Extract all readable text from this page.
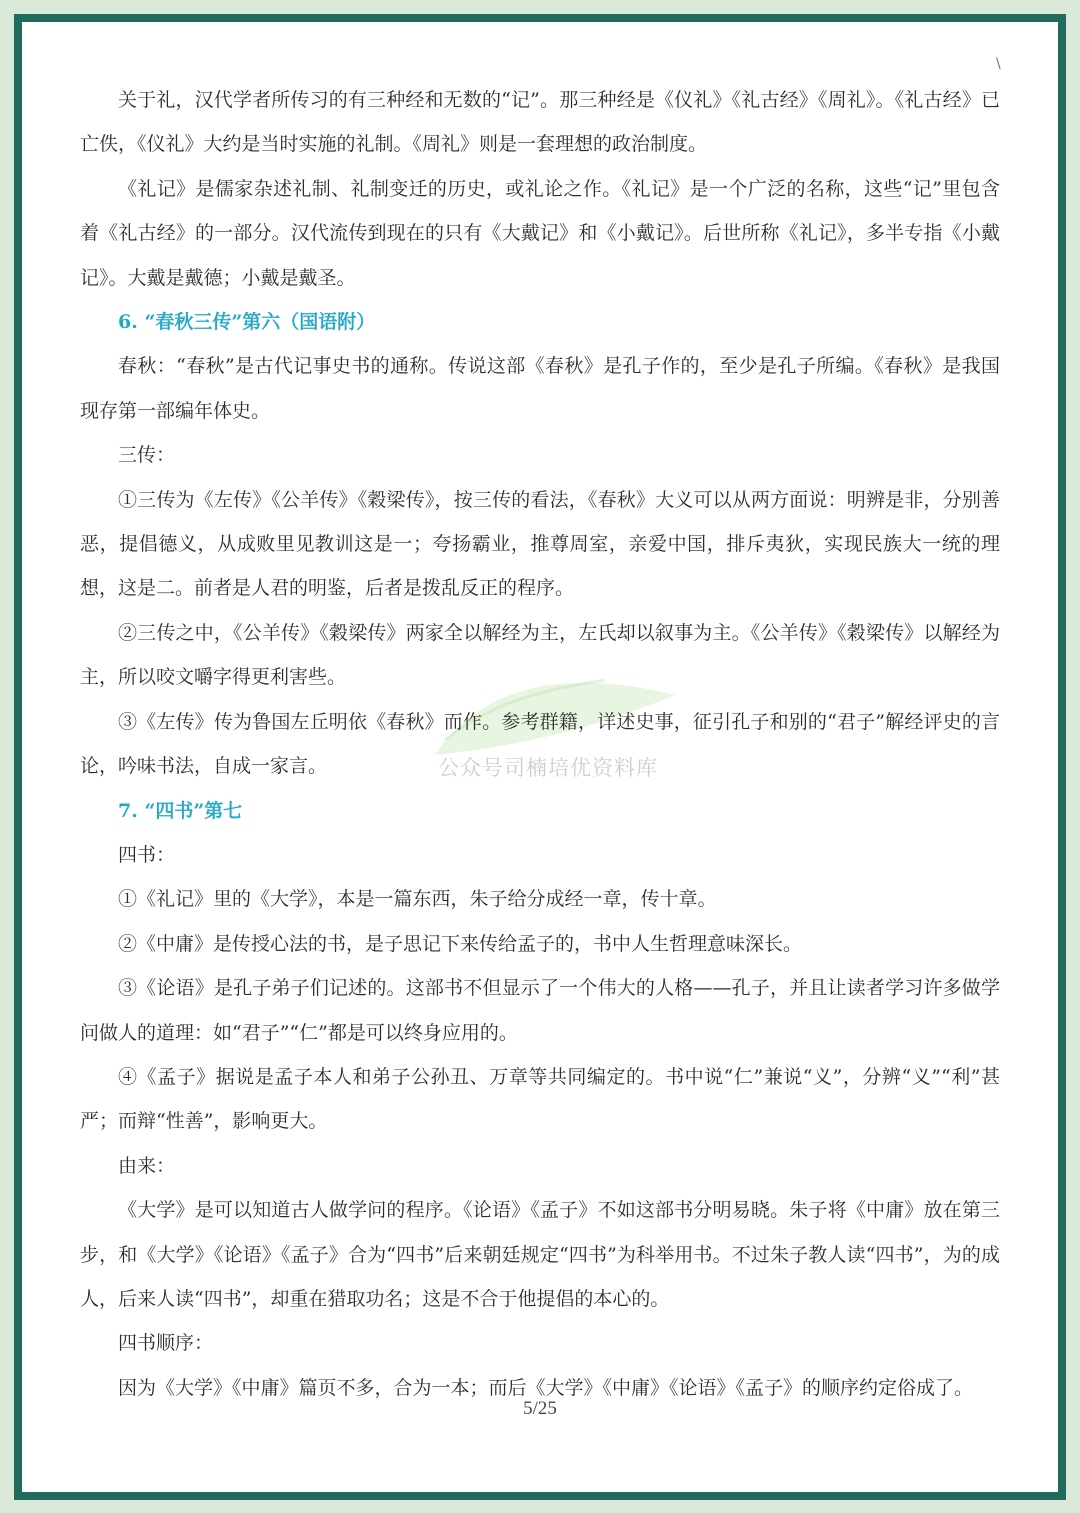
\
公众号司楠培优资料库

关于礼，汉代学者所传习的有三种经和无数的“记”。那三种经是《仪礼》《礼古经》《周礼》。《礼古经》已亡佚，《仪礼》大约是当时实施的礼制。《周礼》则是一套理想的政治制度。

《礼记》是儒家杂述礼制、礼制变迁的历史，或礼论之作。《礼记》是一个广泛的名称，这些“记”里包含着《礼古经》的一部分。汉代流传到现在的只有《大戴记》和《小戴记》。后世所称《礼记》，多半专指《小戴记》。大戴是戴德；小戴是戴圣。

6. “春秋三传”第六（国语附）

春秋：“春秋”是古代记事史书的通称。传说这部《春秋》是孔子作的，至少是孔子所编。《春秋》是我国现存第一部编年体史。

三传：

①三传为《左传》《公羊传》《穀梁传》，按三传的看法，《春秋》大义可以从两方面说：明辨是非，分别善恶，提倡德义，从成败里见教训这是一；夸扬霸业，推尊周室，亲爱中国，排斥夷狄，实现民族大一统的理想，这是二。前者是人君的明鉴，后者是拨乱反正的程序。

②三传之中，《公羊传》《穀梁传》两家全以解经为主，左氏却以叙事为主。《公羊传》《穀梁传》以解经为主，所以咬文嚼字得更利害些。

③《左传》传为鲁国左丘明依《春秋》而作。参考群籍，详述史事，征引孔子和别的“君子”解经评史的言论，吟味书法，自成一家言。

7. “四书”第七

四书：

①《礼记》里的《大学》，本是一篇东西，朱子给分成经一章，传十章。

②《中庸》是传授心法的书，是子思记下来传给孟子的，书中人生哲理意味深长。

③《论语》是孔子弟子们记述的。这部书不但显示了一个伟大的人格——孔子，并且让读者学习许多做学问做人的道理：如“君子”“仁”都是可以终身应用的。

④《孟子》据说是孟子本人和弟子公孙丑、万章等共同编定的。书中说“仁”兼说“义”，分辨“义”“利”甚严；而辩“性善”，影响更大。

由来：

《大学》是可以知道古人做学问的程序。《论语》《孟子》不如这部书分明易晓。朱子将《中庸》放在第三步，和《大学》《论语》《孟子》合为“四书”后来朝廷规定“四书”为科举用书。不过朱子教人读“四书”，为的成人，后来人读“四书”，却重在猎取功名；这是不合于他提倡的本心的。

四书顺序：

因为《大学》《中庸》篇页不多，合为一本；而后《大学》《中庸》《论语》《孟子》的顺序约定俗成了。

5/25
